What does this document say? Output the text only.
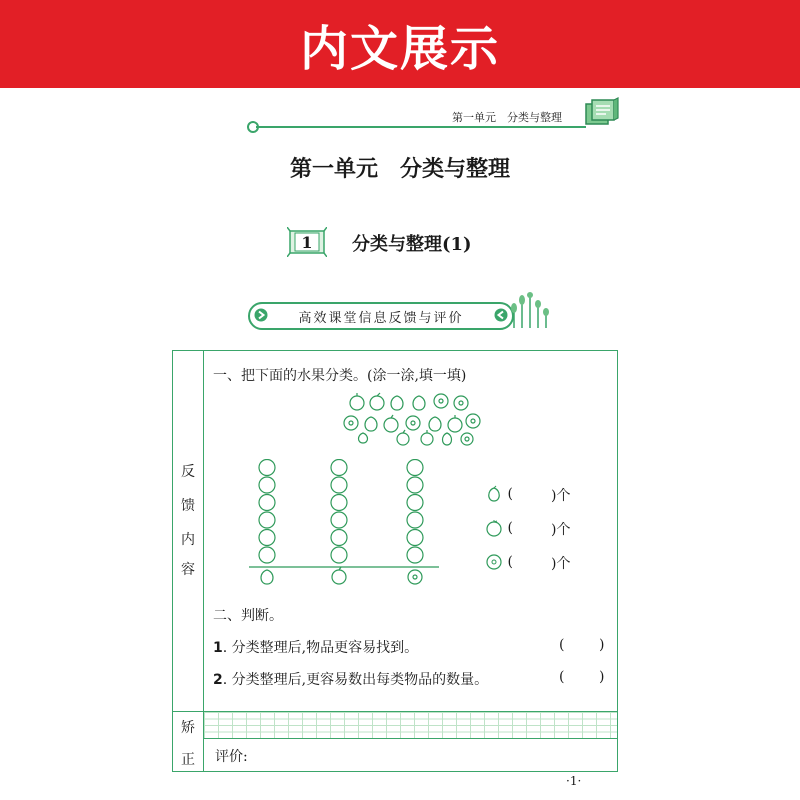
内文展示
第一单元　分类与整理
第一单元　分类与整理
1 分类与整理(1)
高效课堂信息反馈与评价
反
馈
内
容
矫
正
一、把下面的水果分类。(涂一涂,填一填)
(	)个
(	)个
(	)个
二、判断。
1. 分类整理后,物品更容易找到。	( )
2. 分类整理后,更容易数出每类物品的数量。	( )
评价:
·1·
